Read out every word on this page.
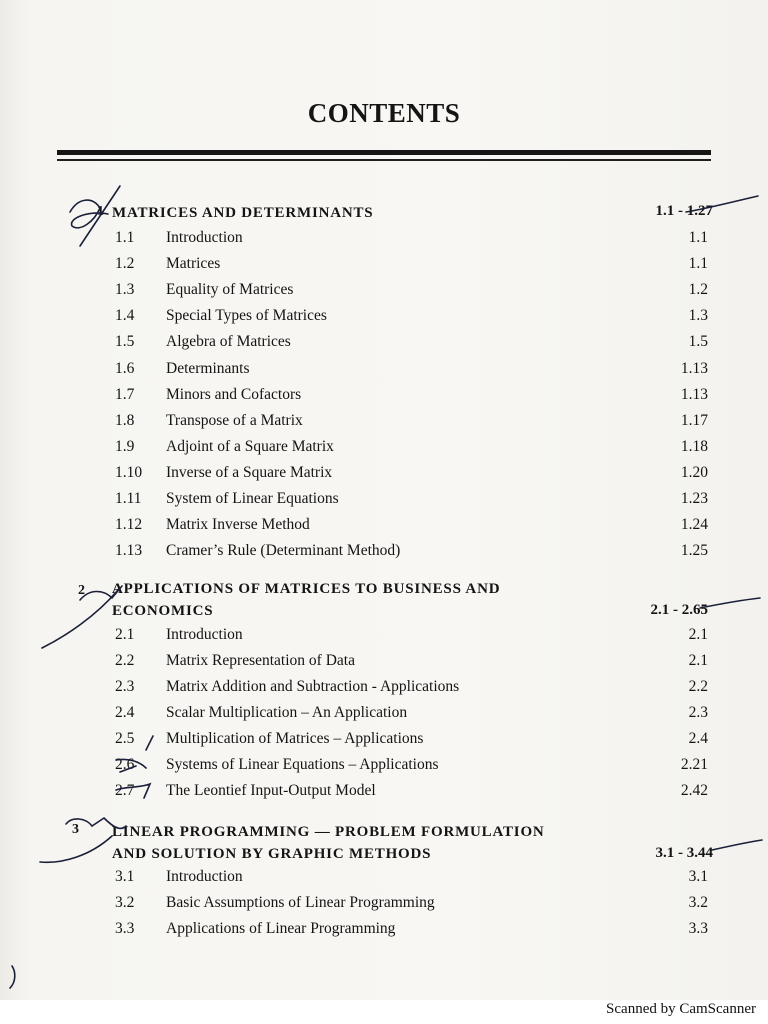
CONTENTS
1 MATRICES AND DETERMINANTS	1.1 - 1.27
1.1 Introduction	1.1
1.2 Matrices	1.1
1.3 Equality of Matrices	1.2
1.4 Special Types of Matrices	1.3
1.5 Algebra of Matrices	1.5
1.6 Determinants	1.13
1.7 Minors and Cofactors	1.13
1.8 Transpose of a Matrix	1.17
1.9 Adjoint of a Square Matrix	1.18
1.10 Inverse of a Square Matrix	1.20
1.11 System of Linear Equations	1.23
1.12 Matrix Inverse Method	1.24
1.13 Cramer’s Rule (Determinant Method)	1.25
2 APPLICATIONS OF MATRICES TO BUSINESS AND
ECONOMICS	2.1 - 2.65
2.1 Introduction	2.1
2.2 Matrix Representation of Data	2.1
2.3 Matrix Addition and Subtraction - Applications	2.2
2.4 Scalar Multiplication – An Application	2.3
2.5 Multiplication of Matrices – Applications	2.4
2.6 Systems of Linear Equations – Applications	2.21
2.7 The Leontief Input-Output Model	2.42
3 LINEAR PROGRAMMING — PROBLEM FORMULATION
AND SOLUTION BY GRAPHIC METHODS	3.1 - 3.44
3.1 Introduction	3.1
3.2 Basic Assumptions of Linear Programming	3.2
3.3 Applications of Linear Programming	3.3
Scanned by CamScanner
